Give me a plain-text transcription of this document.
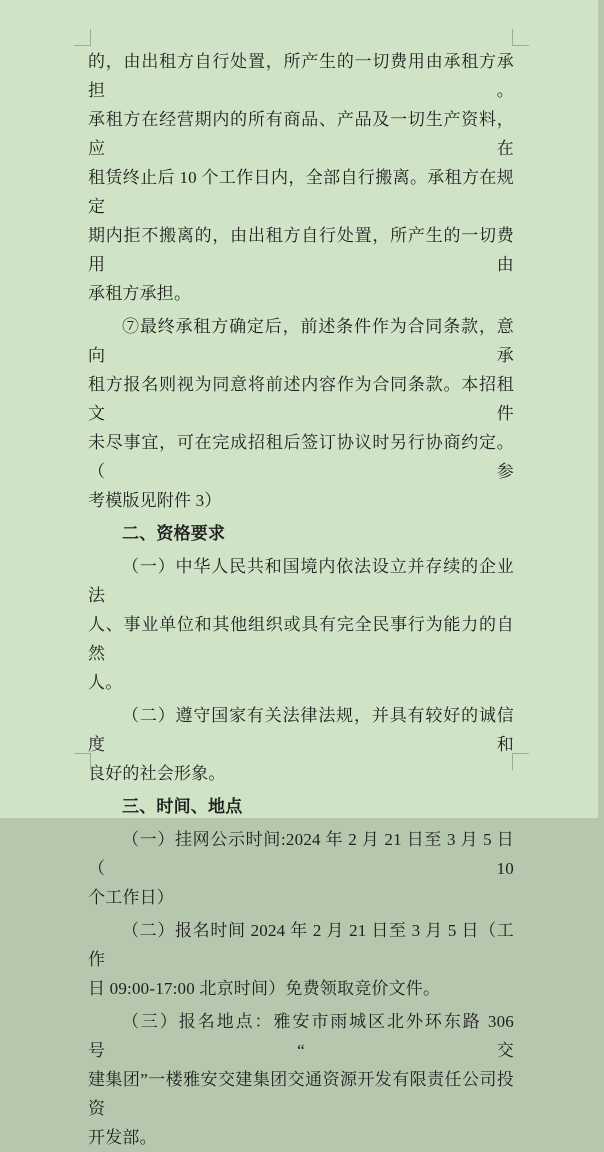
的，由出租方自行处置，所产生的一切费用由承租方承担。
承租方在经营期内的所有商品、产品及一切生产资料，应在
租赁终止后 10 个工作日内，全部自行搬离。承租方在规定
期内拒不搬离的，由出租方自行处置，所产生的一切费用由
承租方承担。
⑦最终承租方确定后，前述条件作为合同条款，意向承
租方报名则视为同意将前述内容作为合同条款。本招租文件
未尽事宜，可在完成招租后签订协议时另行协商约定。（参
考模版见附件 3）
二、资格要求
（一）中华人民共和国境内依法设立并存续的企业法
人、事业单位和其他组织或具有完全民事行为能力的自然
人。
（二）遵守国家有关法律法规，并具有较好的诚信度和
良好的社会形象。
三、时间、地点
（一）挂网公示时间:2024 年 2 月 21 日至 3 月 5 日（10
个工作日）
（二）报名时间 2024 年 2 月 21 日至 3 月 5 日（工作
日 09:00-17:00 北京时间）免费领取竞价文件。
（三）报名地点：雅安市雨城区北外环东路 306 号“交
建集团”一楼雅安交建集团交通资源开发有限责任公司投资
开发部。
